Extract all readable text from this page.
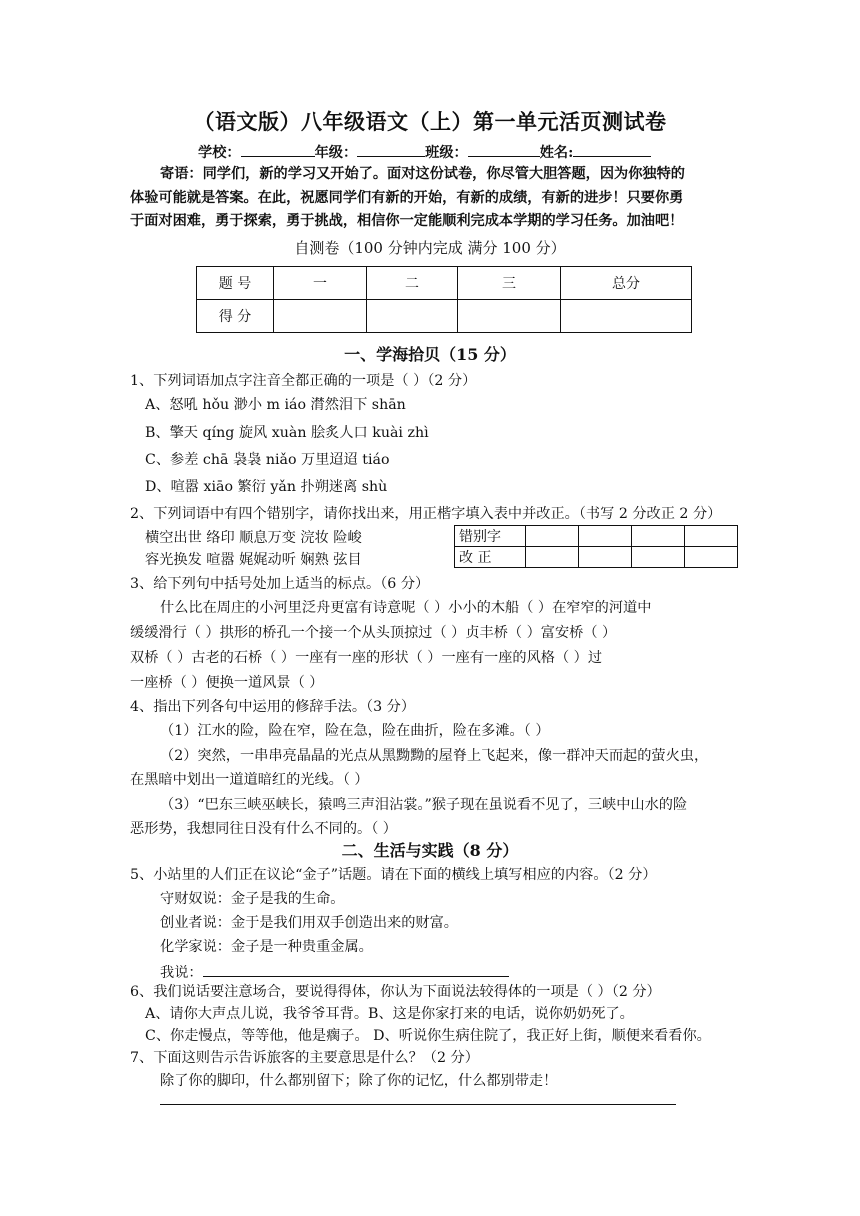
（语文版）八年级语文（上）第一单元活页测试卷
学校：	年级：	班级：	姓名:
寄语：同学们，新的学习又开始了。面对这份试卷，你尽管大胆答题，因为你独特的
体验可能就是答案。在此，祝愿同学们有新的开始，有新的成绩，有新的进步！只要你勇
于面对困难，勇于探索，勇于挑战，相信你一定能顺利完成本学期的学习任务。加油吧！
自测卷（100 分钟内完成 满分 100 分）
题 号	一	二	三	总分
得 分				
一、学海拾贝（15 分）
1、下列词语加点字注音全都正确的一项是（ ）（2 分）
A、怒吼 hǒu 渺小 m iáo 潸然泪下 shān
B、擎天 qíng 旋风 xuàn 脍炙人口 kuài zhì
C、参差 chā 袅袅 niǎo 万里迢迢 tiáo
D、喧嚣 xiāo 繁衍 yǎn 扑朔迷离 shù
2、下列词语中有四个错别字，请你找出来，用正楷字填入表中并改正。（书写 2 分改正 2 分）
横空出世 络印 顺息万变 浣妆 险峻
容光换发 喧嚣 娓娓动听 娴熟 弦目
错别字				
改 正				
3、给下列句中括号处加上适当的标点。（6 分）
什么比在周庄的小河里泛舟更富有诗意呢（ ）小小的木船（ ）在窄窄的河道中
缓缓滑行（ ）拱形的桥孔一个接一个从头顶掠过（ ）贞丰桥（ ）富安桥（ ）
双桥（ ）古老的石桥（ ）一座有一座的形状（ ）一座有一座的风格（ ）过
一座桥（ ）便换一道风景（ ）
4、指出下列各句中运用的修辞手法。（3 分）
（1）江水的险，险在窄，险在急，险在曲折，险在多滩。（ ）
（2）突然，一串串亮晶晶的光点从黑黝黝的屋脊上飞起来，像一群冲天而起的萤火虫，
在黑暗中划出一道道暗红的光线。（ ）
（3）“巴东三峡巫峡长，猿鸣三声泪沾裳。”猴子现在虽说看不见了，三峡中山水的险
恶形势，我想同往日没有什么不同的。（ ）
二、生活与实践（8 分）
5、小站里的人们正在议论“金子”话题。请在下面的横线上填写相应的内容。（2 分）
守财奴说：金子是我的生命。
创业者说：金于是我们用双手创造出来的财富。
化学家说：金子是一种贵重金属。
我说：
6、我们说话要注意场合，要说得得体，你认为下面说法较得体的一项是（ ）（2 分）
A、请你大声点儿说，我爷爷耳背。B、这是你家打来的电话，说你奶奶死了。
C、你走慢点，等等他，他是瘸子。 D、听说你生病住院了，我正好上街，顺便来看看你。
7、下面这则告示告诉旅客的主要意思是什么？（2 分）
除了你的脚印，什么都别留下；除了你的记忆，什么都别带走！
